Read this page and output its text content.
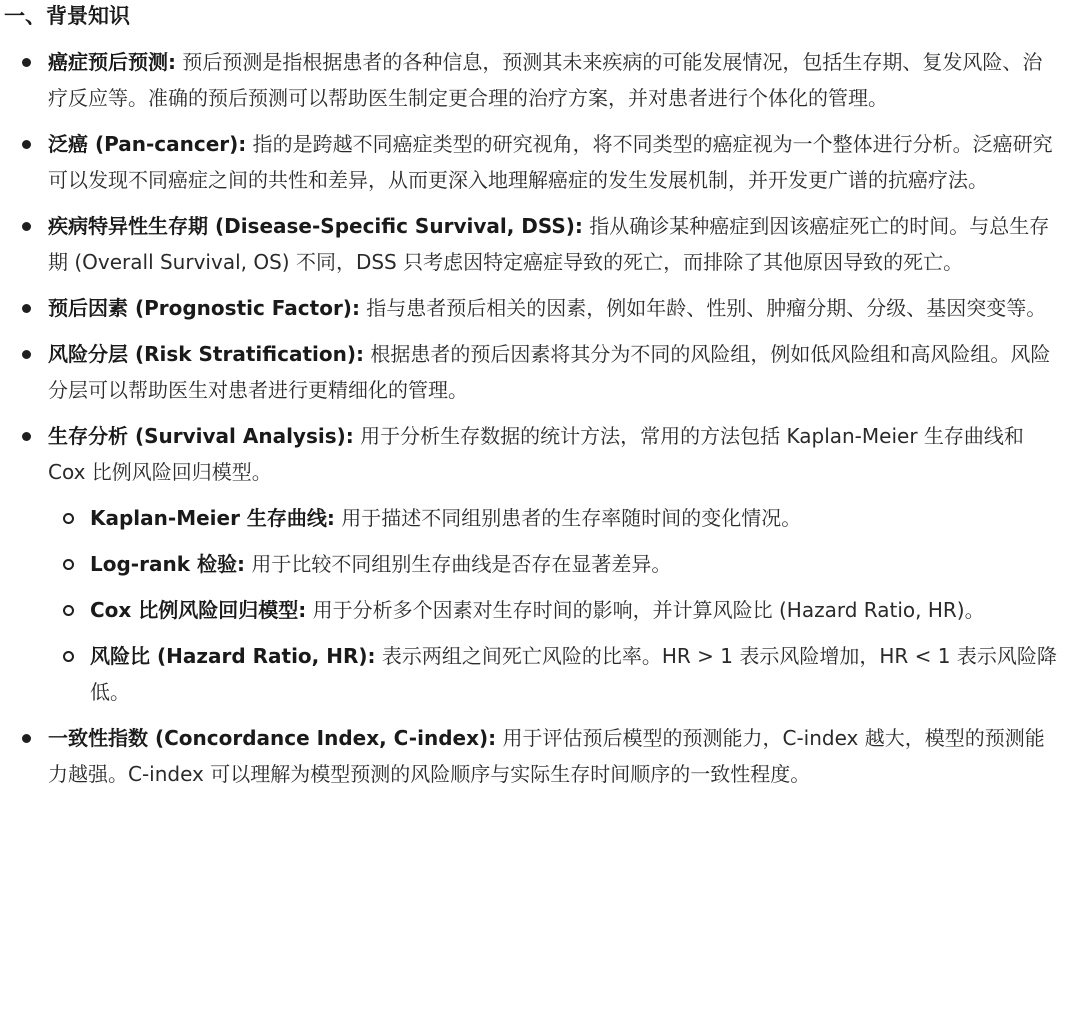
一、背景知识
癌症预后预测: 预后预测是指根据患者的各种信息，预测其未来疾病的可能发展情况，包括生存期、复发风险、治疗反应等。准确的预后预测可以帮助医生制定更合理的治疗方案，并对患者进行个体化的管理。
泛癌 (Pan-cancer): 指的是跨越不同癌症类型的研究视角，将不同类型的癌症视为一个整体进行分析。泛癌研究可以发现不同癌症之间的共性和差异，从而更深入地理解癌症的发生发展机制，并开发更广谱的抗癌疗法。
疾病特异性生存期 (Disease-Specific Survival, DSS): 指从确诊某种癌症到因该癌症死亡的时间。与总生存期 (Overall Survival, OS) 不同，DSS 只考虑因特定癌症导致的死亡，而排除了其他原因导致的死亡。
预后因素 (Prognostic Factor): 指与患者预后相关的因素，例如年龄、性别、肿瘤分期、分级、基因突变等。
风险分层 (Risk Stratification): 根据患者的预后因素将其分为不同的风险组，例如低风险组和高风险组。风险分层可以帮助医生对患者进行更精细化的管理。
生存分析 (Survival Analysis): 用于分析生存数据的统计方法，常用的方法包括 Kaplan-Meier 生存曲线和 Cox 比例风险回归模型。
Kaplan-Meier 生存曲线: 用于描述不同组别患者的生存率随时间的变化情况。
Log-rank 检验: 用于比较不同组别生存曲线是否存在显著差异。
Cox 比例风险回归模型: 用于分析多个因素对生存时间的影响，并计算风险比 (Hazard Ratio, HR)。
风险比 (Hazard Ratio, HR): 表示两组之间死亡风险的比率。HR > 1 表示风险增加，HR < 1 表示风险降低。
一致性指数 (Concordance Index, C-index): 用于评估预后模型的预测能力，C-index 越大，模型的预测能力越强。C-index 可以理解为模型预测的风险顺序与实际生存时间顺序的一致性程度。
